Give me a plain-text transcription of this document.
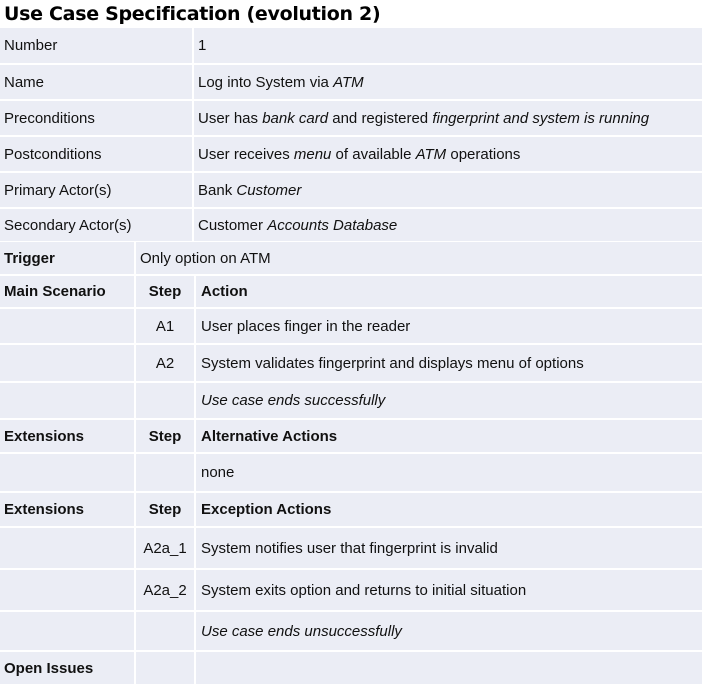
Use Case Specification (evolution 2)
Number	1
Name	Log into System via ATM
Preconditions	User has bank card and registered fingerprint and system is running
Postconditions	User receives menu of available ATM operations
Primary Actor(s)	Bank Customer
Secondary Actor(s)	Customer Accounts Database
Trigger	Only option on ATM	
Main Scenario	Step	Action
	A1	User places finger in the reader
	A2	System validates fingerprint and displays menu of options
		Use case ends successfully
Extensions	Step	Alternative Actions
		none
Extensions	Step	Exception Actions
	A2a_1	System notifies user that fingerprint is invalid
	A2a_2	System exits option and returns to initial situation
		Use case ends unsuccessfully
Open Issues		
